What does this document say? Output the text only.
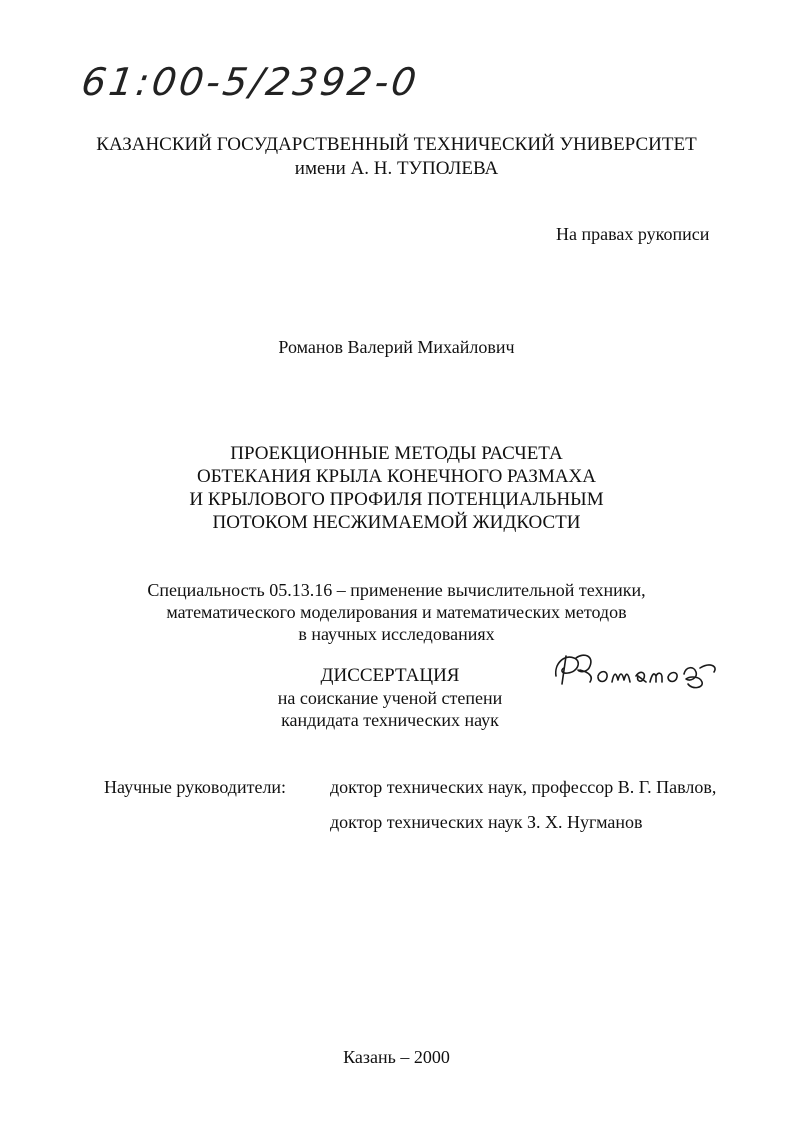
61:00-5/2392-0
КАЗАНСКИЙ ГОСУДАРСТВЕННЫЙ ТЕХНИЧЕСКИЙ УНИВЕРСИТЕТ
имени А. Н. ТУПОЛЕВА
На правах рукописи
Романов Валерий Михайлович
ПРОЕКЦИОННЫЕ МЕТОДЫ РАСЧЕТА
ОБТЕКАНИЯ КРЫЛА КОНЕЧНОГО РАЗМАХА
И КРЫЛОВОГО ПРОФИЛЯ ПОТЕНЦИАЛЬНЫМ
ПОТОКОМ НЕСЖИМАЕМОЙ ЖИДКОСТИ
Специальность 05.13.16 – применение вычислительной техники,
математического моделирования и математических методов
в научных исследованиях
ДИССЕРТАЦИЯ
на соискание ученой степени
кандидата технических наук
Научные руководители: доктор технических наук, профессор В. Г. Павлов,
доктор технических наук З. Х. Нугманов
Казань – 2000
